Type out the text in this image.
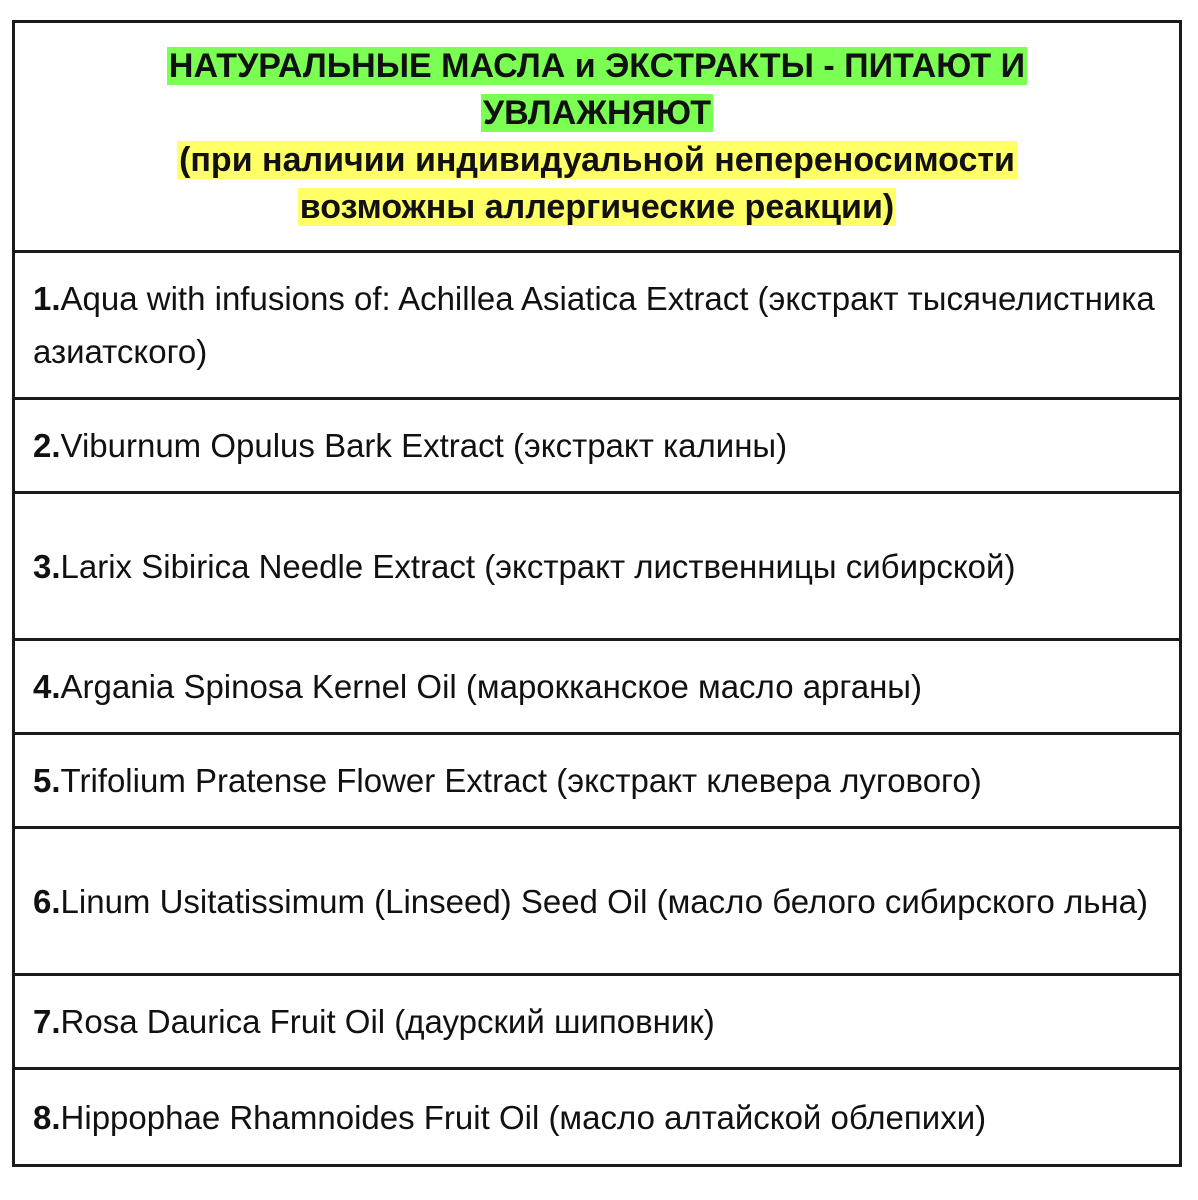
НАТУРАЛЬНЫЕ МАСЛА и ЭКСТРАКТЫ - ПИТАЮТ И УВЛАЖНЯЮТ
(при наличии индивидуальной непереносимости возможны аллергические реакции)
1.Aqua with infusions of: Achillea Asiatica Extract (экстракт тысячелистника азиатского)
2.Viburnum Opulus Bark Extract (экстракт калины)
3.Larix Sibirica Needle Extract (экстракт лиственницы сибирской)
4.Argania Spinosa Kernel Oil (марокканское масло арганы)
5.Trifolium Pratense Flower Extract (экстракт клевера лугового)
6.Linum Usitatissimum (Linseed) Seed Oil (масло белого сибирского льна)
7.Rosa Daurica Fruit Oil (даурский шиповник)
8.Hippophae Rhamnoides Fruit Oil (масло алтайской облепихи)
